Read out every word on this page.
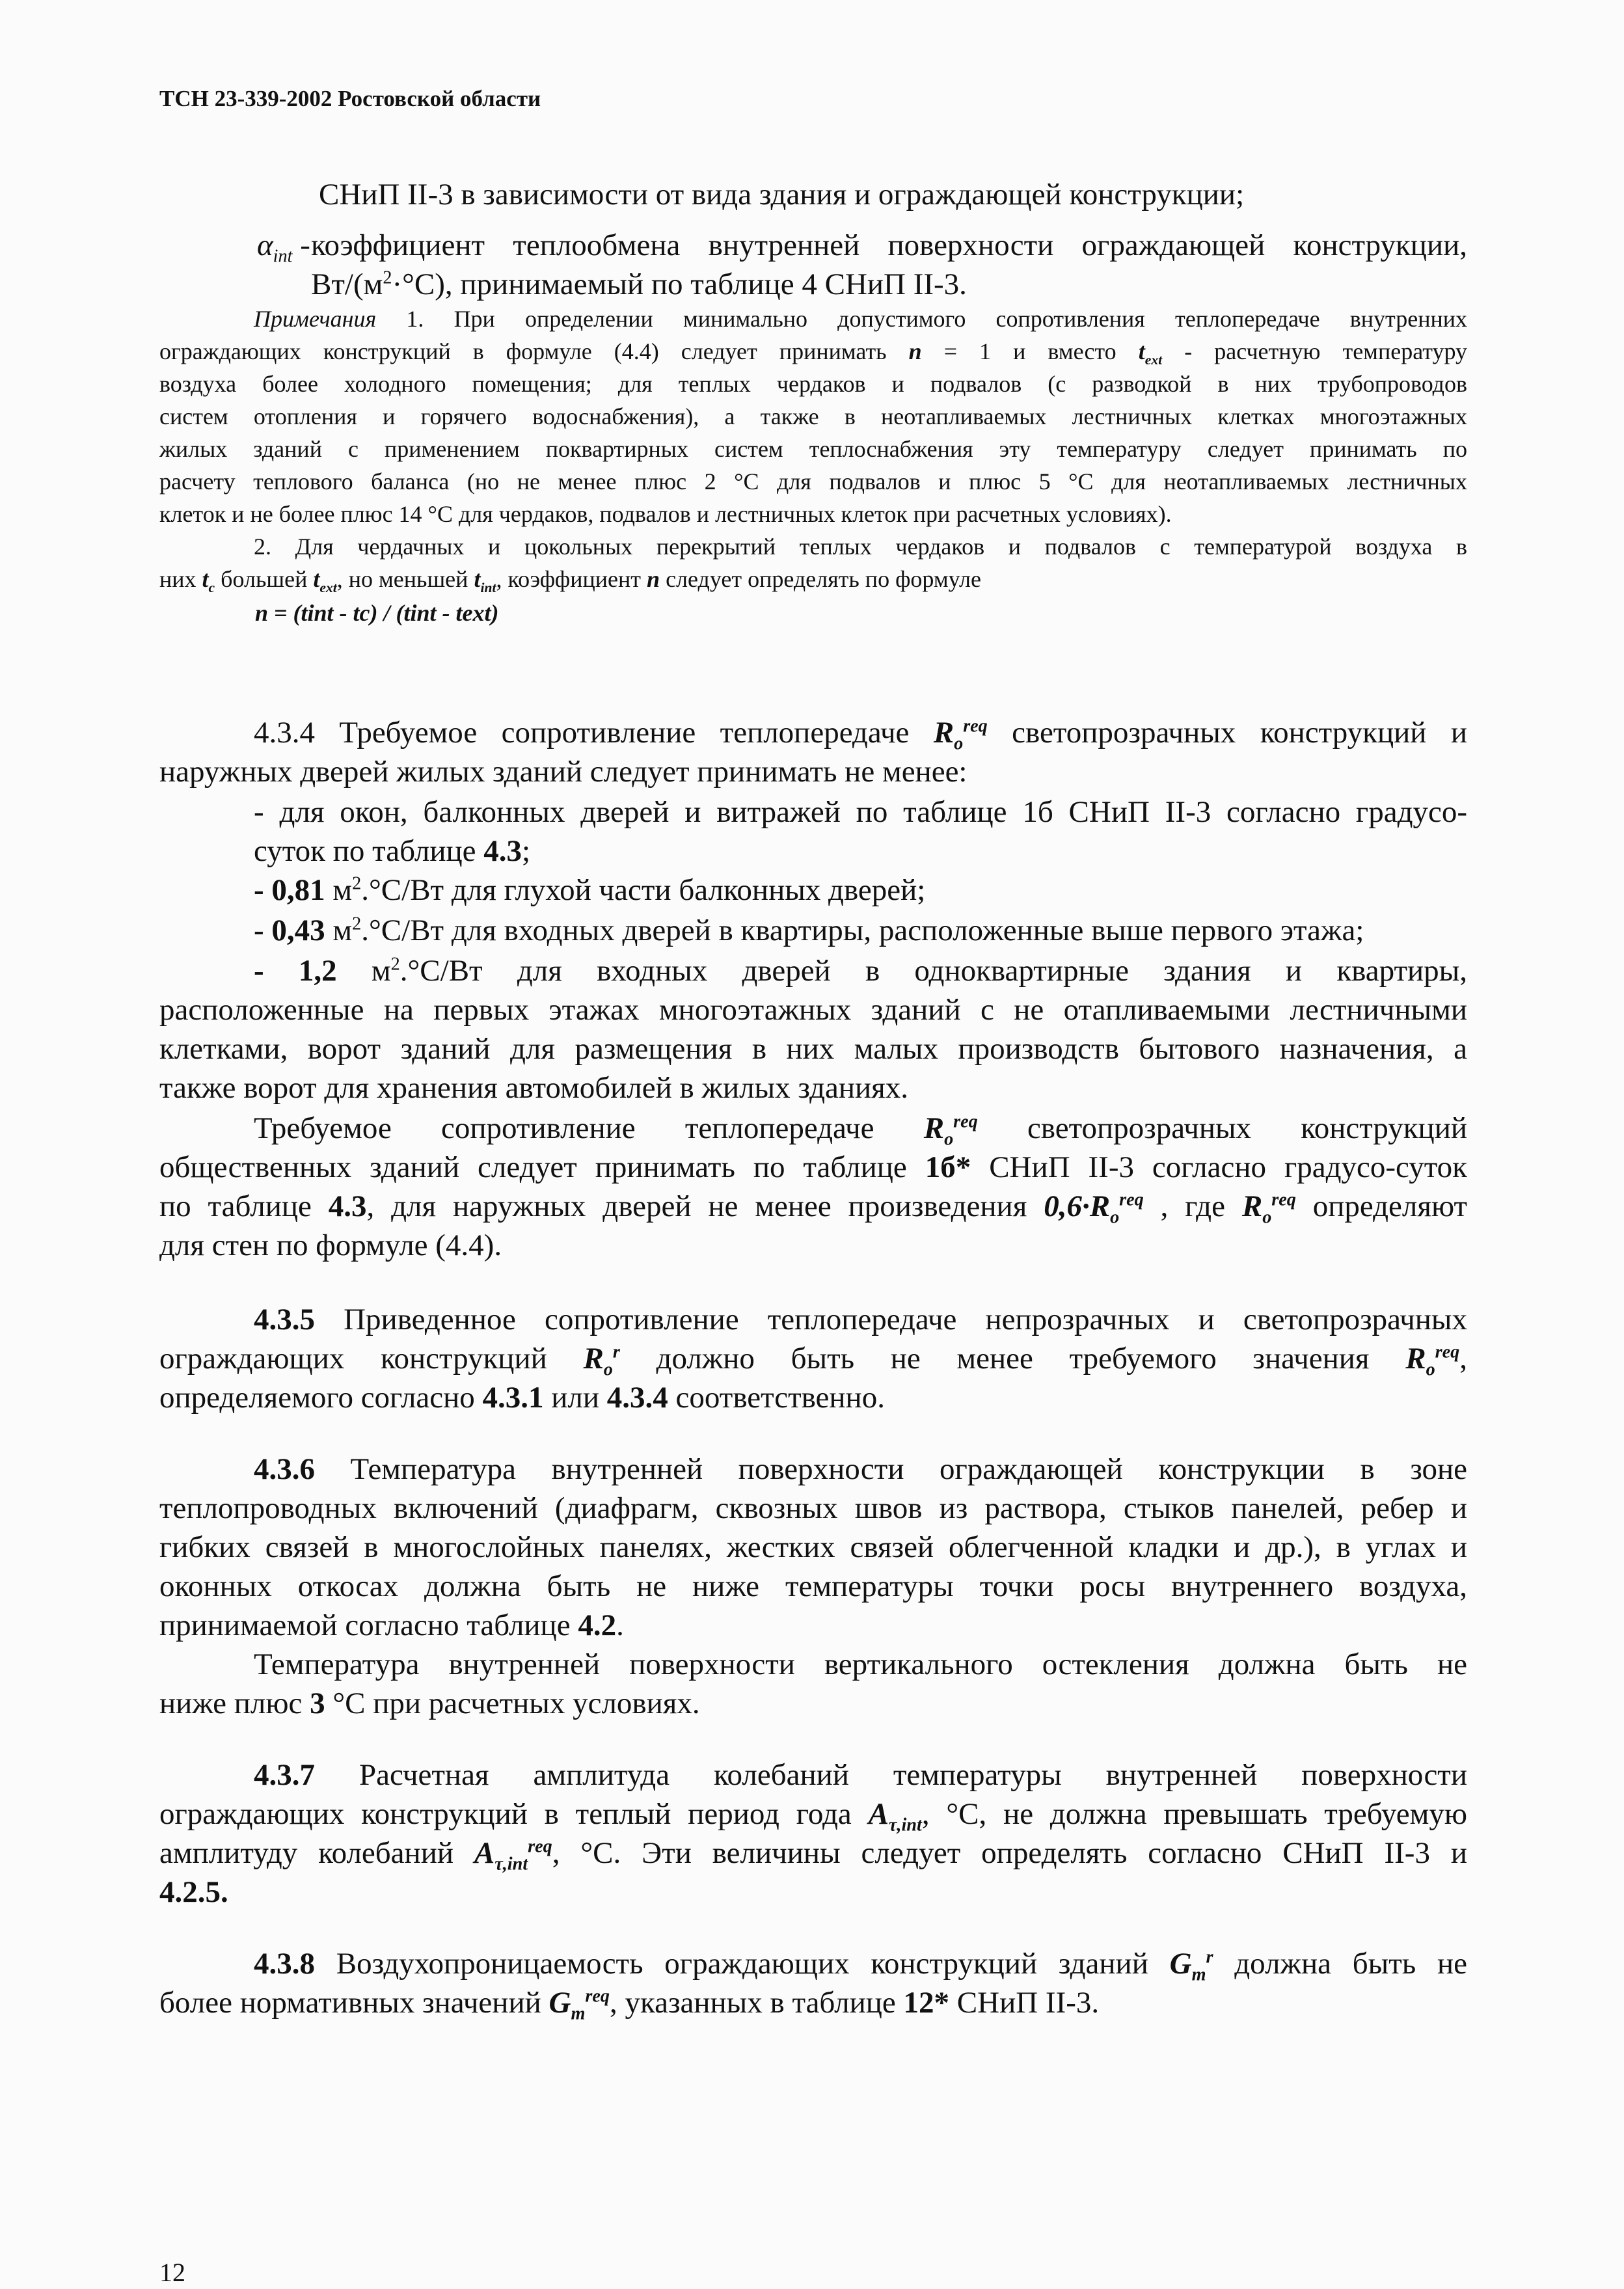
ТСН 23-339-2002 Ростовской области
СНиП II-3 в зависимости от вида здания и ограждающей конструкции;
$\alpha_{int}$ - коэффициент теплообмена внутренней поверхности ограждающей конструкции,
$Вт/(м^2\cdot^\circ С)$, принимаемый по таблице 4 СНиП II-3.
Примечания 1. При определении минимально допустимого сопротивления теплопередаче внутренних
ограждающих конструкций в формуле (4.4) следует принимать n = 1 и вместо $t_{ext}$ - расчетную температуру
воздуха более холодного помещения; для теплых чердаков и подвалов (с разводкой в них трубопроводов
систем отопления и горячего водоснабжения), а также в неотапливаемых лестничных клетках многоэтажных
жилых зданий с применением поквартирных систем теплоснабжения эту температуру следует принимать по
расчету теплового баланса (но не менее плюс 2 °С для подвалов и плюс 5 °С для неотапливаемых лестничных
клеток и не более плюс 14 °С для чердаков, подвалов и лестничных клеток при расчетных условиях).
2. Для чердачных и цокольных перекрытий теплых чердаков и подвалов с температурой воздуха в
них $t_c$ большей $t_{ext}$, но меньшей $t_{int}$, коэффициент n следует определять по формуле
n = (tint - tc) / (tint - text)
4.3.4 Требуемое сопротивление теплопередаче $R_o^{req}$ светопрозрачных конструкций и
наружных дверей жилых зданий следует принимать не менее:
- для окон, балконных дверей и витражей по таблице 1б СНиП II-3 согласно градусо-
суток по таблице 4.3;
- 0,81 $м^2.^\circ С/Вт$ для глухой части балконных дверей;
- 0,43 $м^2.^\circ С/Вт$ для входных дверей в квартиры, расположенные выше первого этажа;
- 1,2 $м^2.^\circ С/Вт$ для входных дверей в одноквартирные здания и квартиры,
расположенные на первых этажах многоэтажных зданий с не отапливаемыми лестничными
клетками, ворот зданий для размещения в них малых производств бытового назначения, а
также ворот для хранения автомобилей в жилых зданиях.
Требуемое сопротивление теплопередаче $R_o^{req}$ светопрозрачных конструкций
общественных зданий следует принимать по таблице 1б* СНиП II-3 согласно градусо-суток
по таблице 4.3, для наружных дверей не менее произведения $0,6\cdot R_o^{req}$ , где $R_o^{req}$ определяют
для стен по формуле (4.4).
4.3.5 Приведенное сопротивление теплопередаче непрозрачных и светопрозрачных
ограждающих конструкций $R_o^r$ должно быть не менее требуемого значения $R_o^{req}$,
определяемого согласно 4.3.1 или 4.3.4 соответственно.
4.3.6 Температура внутренней поверхности ограждающей конструкции в зоне
теплопроводных включений (диафрагм, сквозных швов из раствора, стыков панелей, ребер и
гибких связей в многослойных панелях, жестких связей облегченной кладки и др.), в углах и
оконных откосах должна быть не ниже температуры точки росы внутреннего воздуха,
принимаемой согласно таблице 4.2.
Температура внутренней поверхности вертикального остекления должна быть не
ниже плюс 3 °С при расчетных условиях.
4.3.7 Расчетная амплитуда колебаний температуры внутренней поверхности
ограждающих конструкций в теплый период года $A_{\tau,int}$, °С, не должна превышать требуемую
амплитуду колебаний $A_{\tau,int}^{req}$, °С. Эти величины следует определять согласно СНиП II-3 и
4.2.5.
4.3.8 Воздухопроницаемость ограждающих конструкций зданий $G_m^r$ должна быть не
более нормативных значений $G_m^{req}$, указанных в таблице 12* СНиП II-3.
12
